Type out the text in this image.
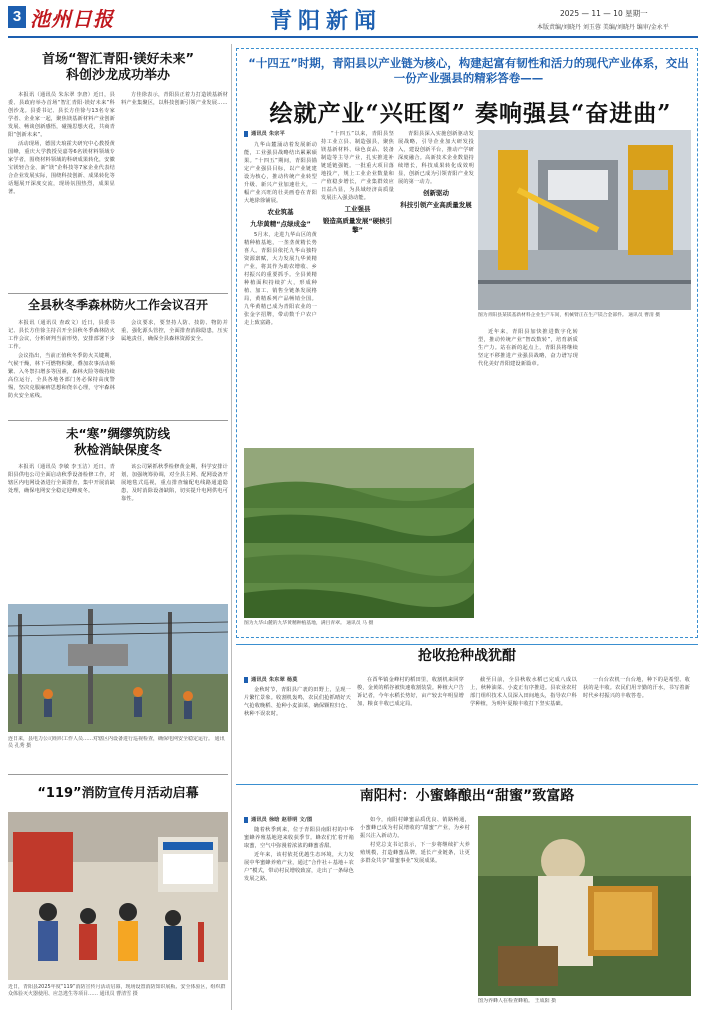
3 池州日报	青阳新闻	2025 — 11 — 10 星期一
本版责编/刘晓丹 刘玉蓉 美编/刘晓丹 编审/金永平
首场“智汇青阳·镁好未来”
科创沙龙成功举办

本报讯（通讯员 朱东翠 李唐）近日，县委、县政府举办首场“智汇青阳·镁好未来”科创沙龙。县委书记、县长方佳徐与13名专家学者、企业家一起，聚焦镁基新材料产业创新发展、畅谈创新感悟，碰撞思想火花，共商青阳“创新未来”。

活动现场，德国夫琅霍夫研究中心教授黄国峰，重庆大学教授吴嘉等6名镁材料领域专家学者，围绕材料领域的科研成果转化，安徽宝镁轻合金、新“镁”企科技等7家企业代表结合企业发展实际，围绕科技创新、成果转化等话题展开深度交流，现场氛围热烈，成果显著。

方佳徐表示，青阳县正着力打造镁基新材料产业集聚区，以科技创新引领产业发展……

全县秋冬季森林防火工作会议召开

本报讯（通讯员 查政文）近日，县委书记、县长方佳徐主持召开全县秋冬季森林防火工作会议，分析研判当前形势，安排部署下步工作。

会议指出，当前正值秋冬季防火关键期，气候干燥，林下可燃物积聚，叠加农事活动频繁、入冬祭扫增多等因素，森林火险等级持续高位运行，全县各地各部门务必保持高度警惕，坚决克服麻痹思想和侥幸心理，守牢森林防火安全底线。

会议要求，要坚持人防、技防、物防并重，强化源头管控，全面排查消除隐患，压实属地责任，确保全县森林资源安全。

未“寒”绸缪筑防线
秋检消缺保度冬

本报讯（通讯员 李敏 李玉洁）近日，青阳县供电公司全面启动秋季设备检修工作，对辖区内电网设备进行全面排查，集中开展消缺处理，确保电网安全稳定迎峰度冬。

该公司紧抓秋季检修黄金期，科学安排计划，加强统筹协调，对全县主网、配网设备开展地毯式巡视，重点排查输配电线路通道隐患，及时消除设备缺陷，切实提升电网供电可靠性。

连日来，县电力公司组织工作人员……对辖区内设备进行巡视检查，确保电网安全稳定运行。 通讯员 孔秀 摄
“119”消防宣传月活动启幕
近日，青阳县2025年度“119”消防宣传月活动启幕，现场设置消防知识展板、安全体验区，组织群众体验灭火器使用、应急逃生等项目…… 通讯员 曹清雪 摄
“十四五”时期，青阳县以产业链为核心，构建起富有韧性和活力的现代产业体系，交出一份产业强县的精彩答卷——
绘就产业“兴旺图” 奏响强县“奋进曲”
通讯员 朱宗平

九华山麓涌动着发展新动能，工业强县战略结出累累硕果。“十四五”期间，青阳县锚定产业强县目标，以产业链建设为核心，推动传统产业转型升级、新兴产业加速壮大，一幅产业兴旺的壮美画卷在青阳大地徐徐铺展。

农业筑基
九华黄精“点绿成金”

5月末，走进九华山区的黄精种植基地，一垄垄黄精长势喜人。青阳县依托九华山独特资源禀赋，大力发展九华黄精产业，将其作为助农增收、乡村振兴的重要抓手。全县黄精种植面积持续扩大，形成种植、加工、销售全链条发展格局，黄精系列产品畅销全国。九华黄精已成为青阳农业的一张金字招牌，带动数千户农户走上致富路。

“十四五”以来，青阳县坚持工业立县、制造强县，聚焦镁基新材料、绿色食品、装备制造等主导产业，扎实推进补链延链强链。一批重大项目落地投产，规上工业企业数量和产值稳步增长，产业集群效应日益凸显，为县域经济高质量发展注入强劲动能。

工业强县
锻造高质量发展“硬核引擎”

青阳县深入实施创新驱动发展战略，引导企业加大研发投入，建设创新平台，推动产学研深度融合。高新技术企业数量持续增长，科技成果转化成效明显，创新已成为引领青阳产业发展的第一动力。

创新驱动
科技引领产业高质量发展
图为青阳县某镁基新材料企业生产车间，机械臂正在生产镁合金部件。 通讯员 曹清 摄

近年来，青阳县加快推进数字化转型，推动传统产业“智改数转”，培育新质生产力。站在新的起点上，青阳县将继续坚定不移推进产业强县战略，奋力谱写现代化美好青阳建设新篇章。

图为九华山麓的九华黄精种植基地，满目青翠。 通讯员 马 摄
抢收抢种战犹酣
通讯员 朱东翠 杨莫

金秋时节，青阳县广袤的田野上，呈现一片繁忙景象。收割机轰鸣，农民们抢抓晴好天气抢收晚稻、抢种小麦油菜，确保颗粒归仓、秋种不误农时。

在酉华镇金峰村的稻田里，收割机来回穿梭，金黄的稻谷被快速收割装袋。种植大户告诉记者，今年水稻长势好，亩产较去年明显增加，粮食丰收已成定局。

截至目前，全县秋收水稻已完成八成以上，秋种油菜、小麦正有序推进。县农业农村部门组织技术人员深入田间地头，指导农户科学种植，为明年夏粮丰收打下坚实基础。

一台台农机一台台地，种下的是希望、收获的是丰收。农民们用辛勤的汗水，书写着新时代乡村振兴的丰收答卷。

南阳村：小蜜蜂酿出“甜蜜”致富路
通讯员 徐晗 赵菲明 文/图

随着秋季到来，位于青阳县南阳村的中华蜜蜂养殖基地迎来收获季节。蜂农们忙着开箱取蜜，空气中弥漫着浓浓的蜂蜜香甜。

近年来，该村依托优越生态环境，大力发展中华蜜蜂养殖产业，通过“合作社＋基地＋农户”模式，带动村民增收致富，走出了一条绿色发展之路。

如今，南阳村蜂蜜品质优良、销路畅通，小蜜蜂已成为村民增收的“甜蜜”产业，为乡村振兴注入新动力。

村党总支书记表示，下一步将继续扩大养殖规模，打造蜂蜜品牌，延长产业链条，让更多群众共享“甜蜜事业”发展成果。

图为养蜂人在检查蜂箱。 王成阳 摄
